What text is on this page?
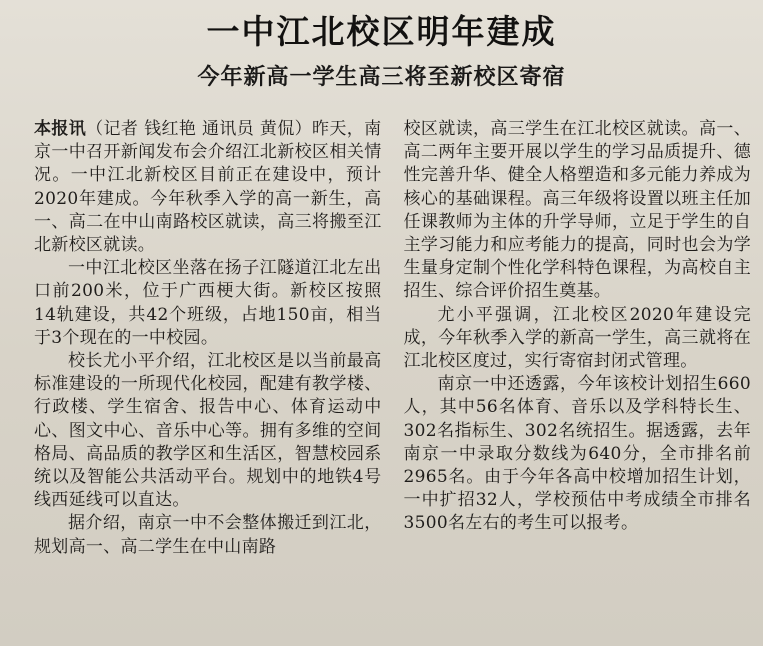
一中江北校区明年建成
今年新高一学生高三将至新校区寄宿

本报讯（记者 钱红艳 通讯员 黄侃）昨天，南京一中召开新闻发布会介绍江北新校区相关情况。一中江北新校区目前正在建设中，预计2020年建成。今年秋季入学的高一新生，高一、高二在中山南路校区就读，高三将搬至江北新校区就读。

一中江北校区坐落在扬子江隧道江北左出口前200米，位于广西梗大街。新校区按照14轨建设，共42个班级，占地150亩，相当于3个现在的一中校园。

校长尤小平介绍，江北校区是以当前最高标准建设的一所现代化校园，配建有教学楼、行政楼、学生宿舍、报告中心、体育运动中心、图文中心、音乐中心等。拥有多维的空间格局、高品质的教学区和生活区，智慧校园系统以及智能公共活动平台。规划中的地铁4号线西延线可以直达。

据介绍，南京一中不会整体搬迁到江北，规划高一、高二学生在中山南路

校区就读，高三学生在江北校区就读。高一、高二两年主要开展以学生的学习品质提升、德性完善升华、健全人格塑造和多元能力养成为核心的基础课程。高三年级将设置以班主任加任课教师为主体的升学导师，立足于学生的自主学习能力和应考能力的提高，同时也会为学生量身定制个性化学科特色课程，为高校自主招生、综合评价招生奠基。

尤小平强调，江北校区2020年建设完成，今年秋季入学的新高一学生，高三就将在江北校区度过，实行寄宿封闭式管理。

南京一中还透露，今年该校计划招生660人，其中56名体育、音乐以及学科特长生、302名指标生、302名统招生。据透露，去年南京一中录取分数线为640分，全市排名前2965名。由于今年各高中校增加招生计划，一中扩招32人，学校预估中考成绩全市排名3500名左右的考生可以报考。
